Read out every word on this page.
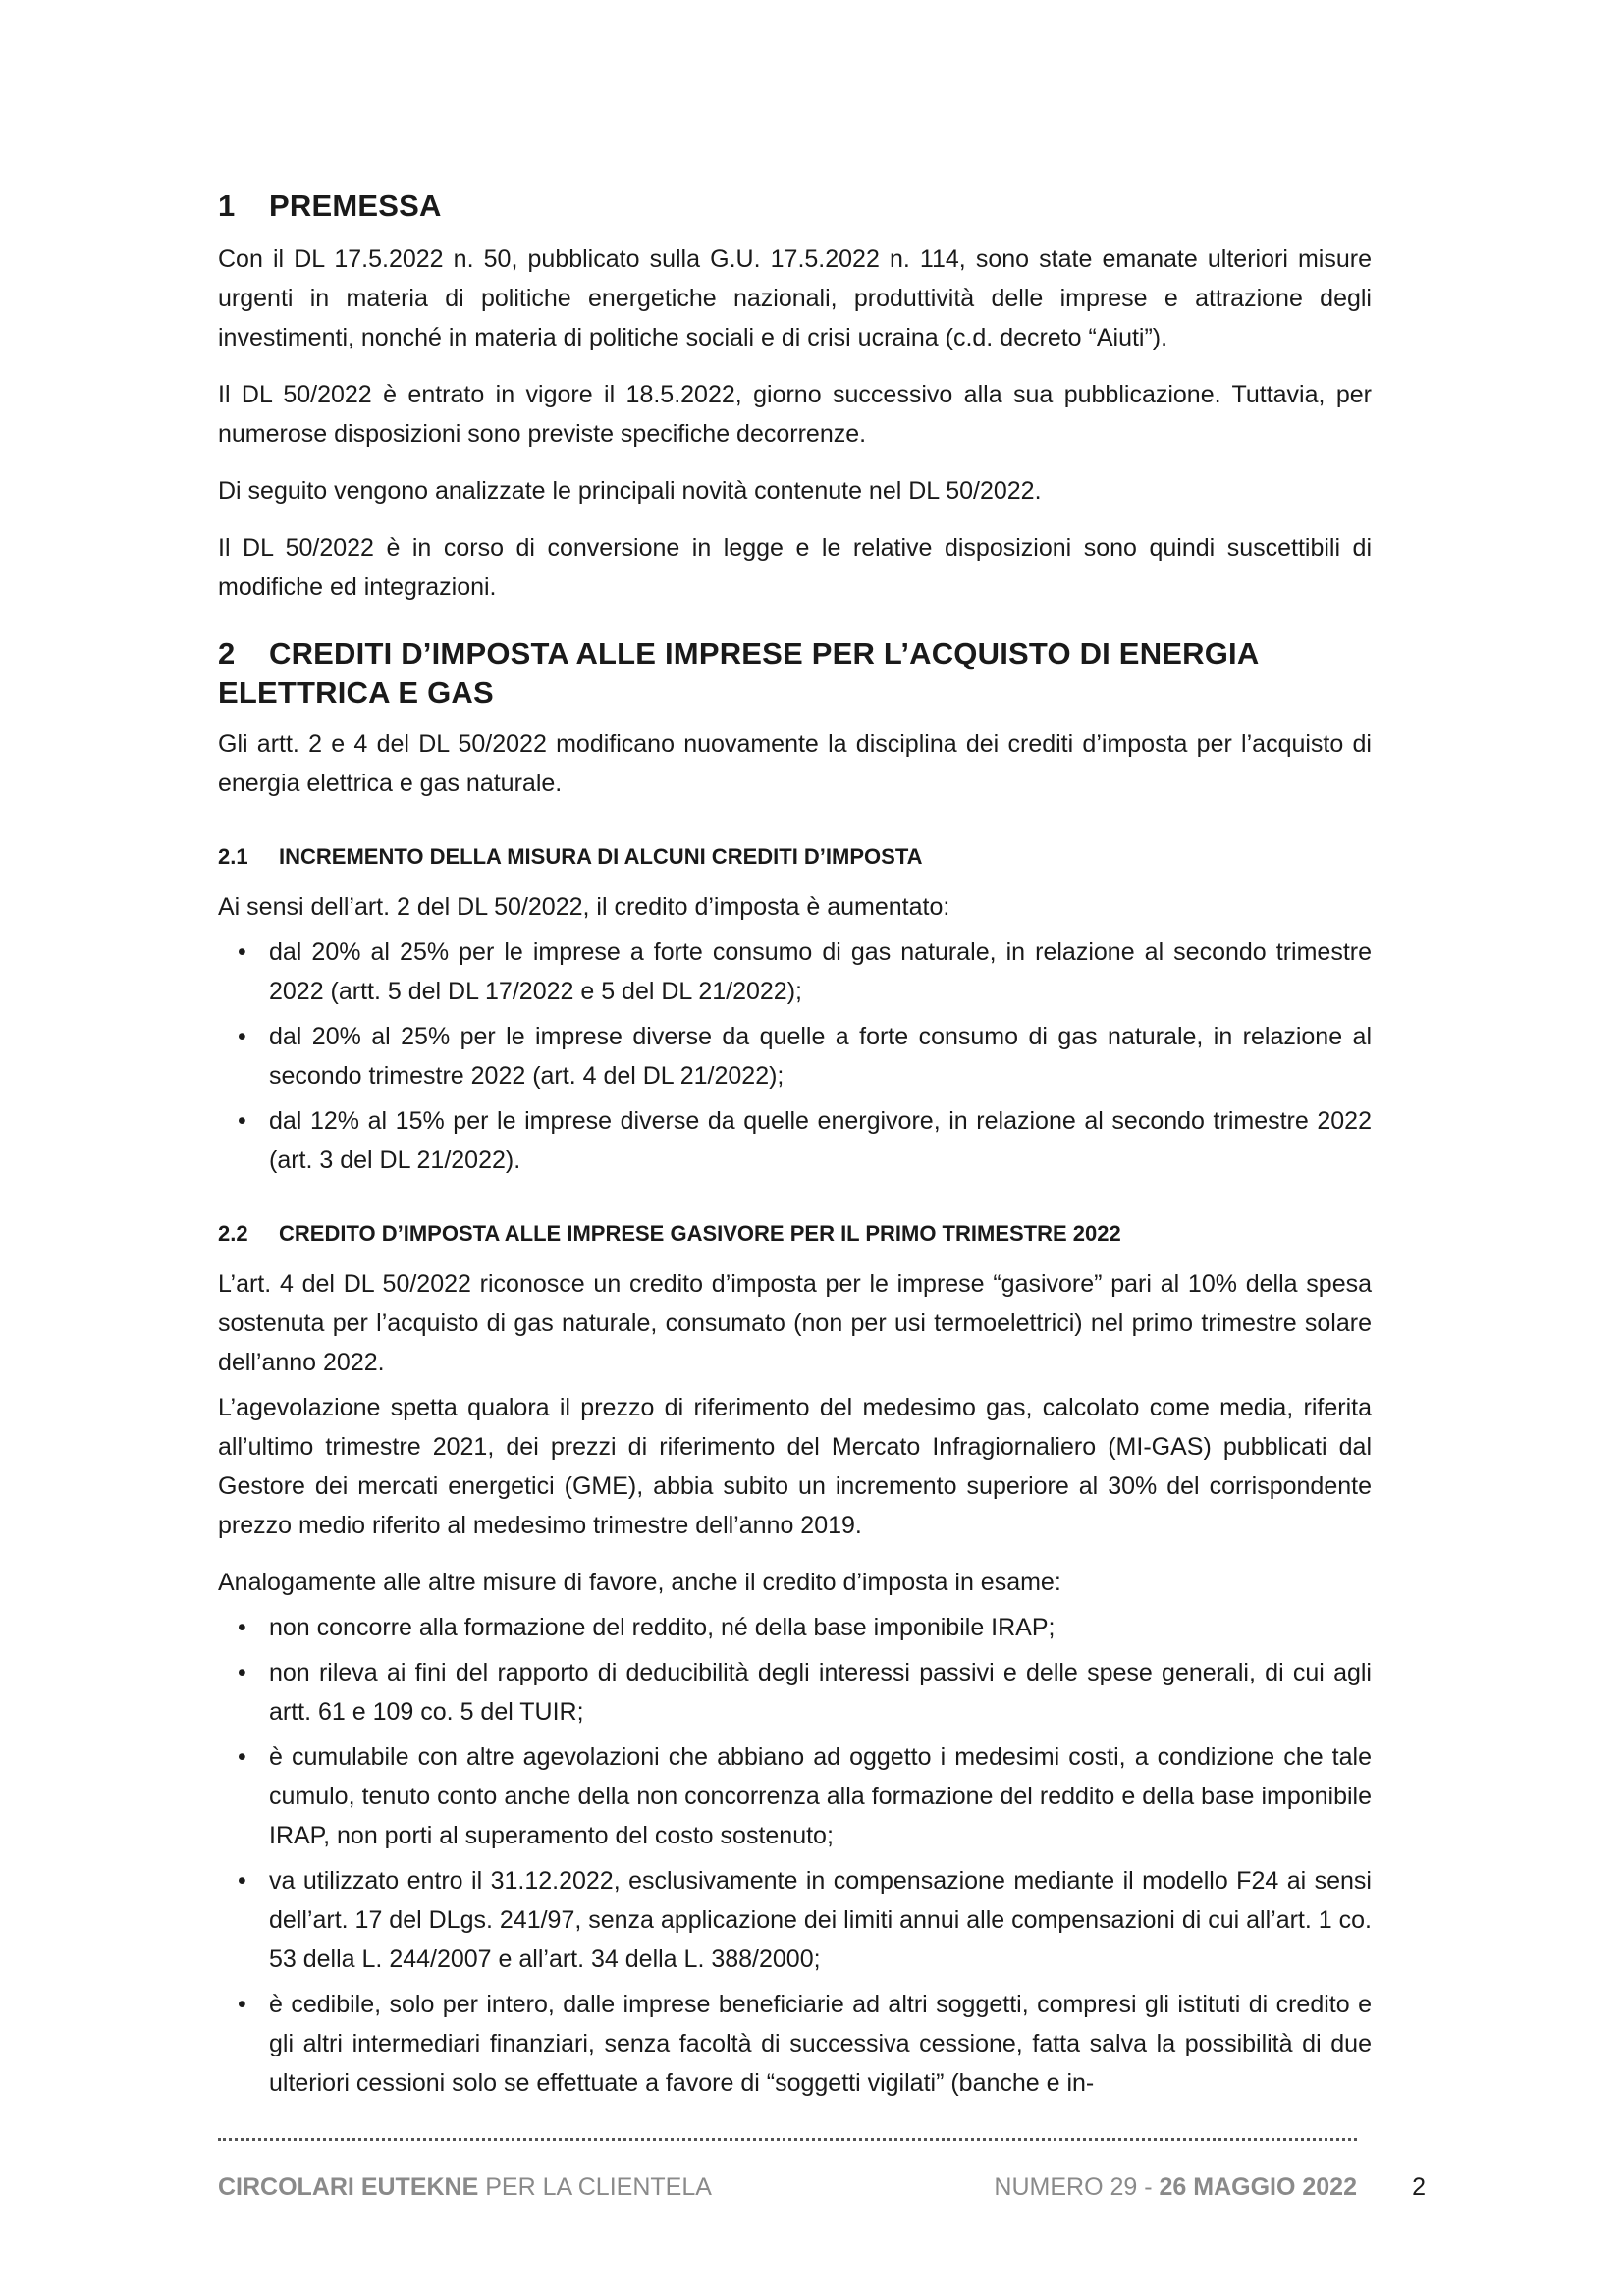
1 PREMESSA

Con il DL 17.5.2022 n. 50, pubblicato sulla G.U. 17.5.2022 n. 114, sono state emanate ulteriori misure urgenti in materia di politiche energetiche nazionali, produttività delle imprese e attrazione degli investimenti, nonché in materia di politiche sociali e di crisi ucraina (c.d. decreto “Aiuti”).

Il DL 50/2022 è entrato in vigore il 18.5.2022, giorno successivo alla sua pubblicazione. Tuttavia, per numerose disposizioni sono previste specifiche decorrenze.

Di seguito vengono analizzate le principali novità contenute nel DL 50/2022.

Il DL 50/2022 è in corso di conversione in legge e le relative disposizioni sono quindi suscettibili di modifiche ed integrazioni.

2 CREDITI D’IMPOSTA ALLE IMPRESE PER L’ACQUISTO DI ENERGIA ELETTRICA E GAS

Gli artt. 2 e 4 del DL 50/2022 modificano nuovamente la disciplina dei crediti d’imposta per l’acquisto di energia elettrica e gas naturale.

2.1 INCREMENTO DELLA MISURA DI ALCUNI CREDITI D’IMPOSTA

Ai sensi dell’art. 2 del DL 50/2022, il credito d’imposta è aumentato:

• dal 20% al 25% per le imprese a forte consumo di gas naturale, in relazione al secondo trimestre 2022 (artt. 5 del DL 17/2022 e 5 del DL 21/2022);
• dal 20% al 25% per le imprese diverse da quelle a forte consumo di gas naturale, in relazione al secondo trimestre 2022 (art. 4 del DL 21/2022);
• dal 12% al 15% per le imprese diverse da quelle energivore, in relazione al secondo trimestre 2022 (art. 3 del DL 21/2022).
2.2 CREDITO D’IMPOSTA ALLE IMPRESE GASIVORE PER IL PRIMO TRIMESTRE 2022

L’art. 4 del DL 50/2022 riconosce un credito d’imposta per le imprese “gasivore” pari al 10% della spesa sostenuta per l’acquisto di gas naturale, consumato (non per usi termoelettrici) nel primo trimestre solare dell’anno 2022.

L’agevolazione spetta qualora il prezzo di riferimento del medesimo gas, calcolato come media, riferita all’ultimo trimestre 2021, dei prezzi di riferimento del Mercato Infragiornaliero (MI-GAS) pubblicati dal Gestore dei mercati energetici (GME), abbia subito un incremento superiore al 30% del corrispondente prezzo medio riferito al medesimo trimestre dell’anno 2019.

Analogamente alle altre misure di favore, anche il credito d’imposta in esame:

• non concorre alla formazione del reddito, né della base imponibile IRAP;
• non rileva ai fini del rapporto di deducibilità degli interessi passivi e delle spese generali, di cui agli artt. 61 e 109 co. 5 del TUIR;
• è cumulabile con altre agevolazioni che abbiano ad oggetto i medesimi costi, a condizione che tale cumulo, tenuto conto anche della non concorrenza alla formazione del reddito e della base imponibile IRAP, non porti al superamento del costo sostenuto;
• va utilizzato entro il 31.12.2022, esclusivamente in compensazione mediante il modello F24 ai sensi dell’art. 17 del DLgs. 241/97, senza applicazione dei limiti annui alle compensazioni di cui all’art. 1 co. 53 della L. 244/2007 e all’art. 34 della L. 388/2000;
• è cedibile, solo per intero, dalle imprese beneficiarie ad altri soggetti, compresi gli istituti di credito e gli altri intermediari finanziari, senza facoltà di successiva cessione, fatta salva la possibilità di due ulteriori cessioni solo se effettuate a favore di “soggetti vigilati” (banche e in-
CIRCOLARI EUTEKNE PER LA CLIENTELA	NUMERO 29 - 26 MAGGIO 2022 2
